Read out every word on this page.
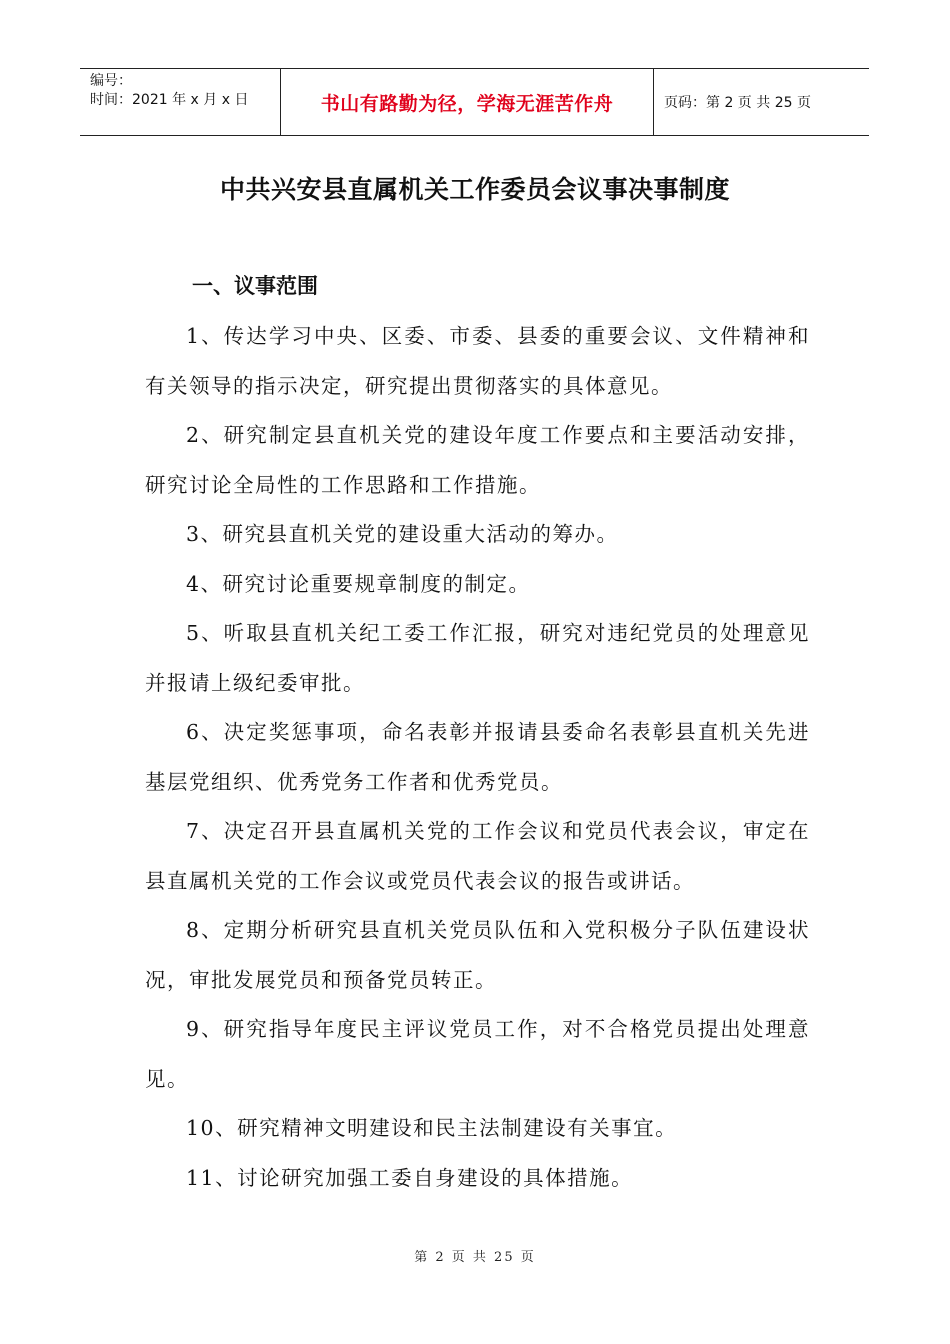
编号：
时间：2021 年 x 月 x 日	书山有路勤为径，学海无涯苦作舟	页码：第 2 页 共 25 页
中共兴安县直属机关工作委员会议事决事制度
一、议事范围

1、传达学习中央、区委、市委、县委的重要会议、文件精神和有关领导的指示决定，研究提出贯彻落实的具体意见。

2、研究制定县直机关党的建设年度工作要点和主要活动安排，研究讨论全局性的工作思路和工作措施。

3、研究县直机关党的建设重大活动的筹办。

4、研究讨论重要规章制度的制定。

5、听取县直机关纪工委工作汇报，研究对违纪党员的处理意见并报请上级纪委审批。

6、决定奖惩事项，命名表彰并报请县委命名表彰县直机关先进基层党组织、优秀党务工作者和优秀党员。

7、决定召开县直属机关党的工作会议和党员代表会议，审定在县直属机关党的工作会议或党员代表会议的报告或讲话。

8、定期分析研究县直机关党员队伍和入党积极分子队伍建设状况，审批发展党员和预备党员转正。

9、研究指导年度民主评议党员工作，对不合格党员提出处理意见。

10、研究精神文明建设和民主法制建设有关事宜。

11、讨论研究加强工委自身建设的具体措施。

第 2 页 共 25 页
